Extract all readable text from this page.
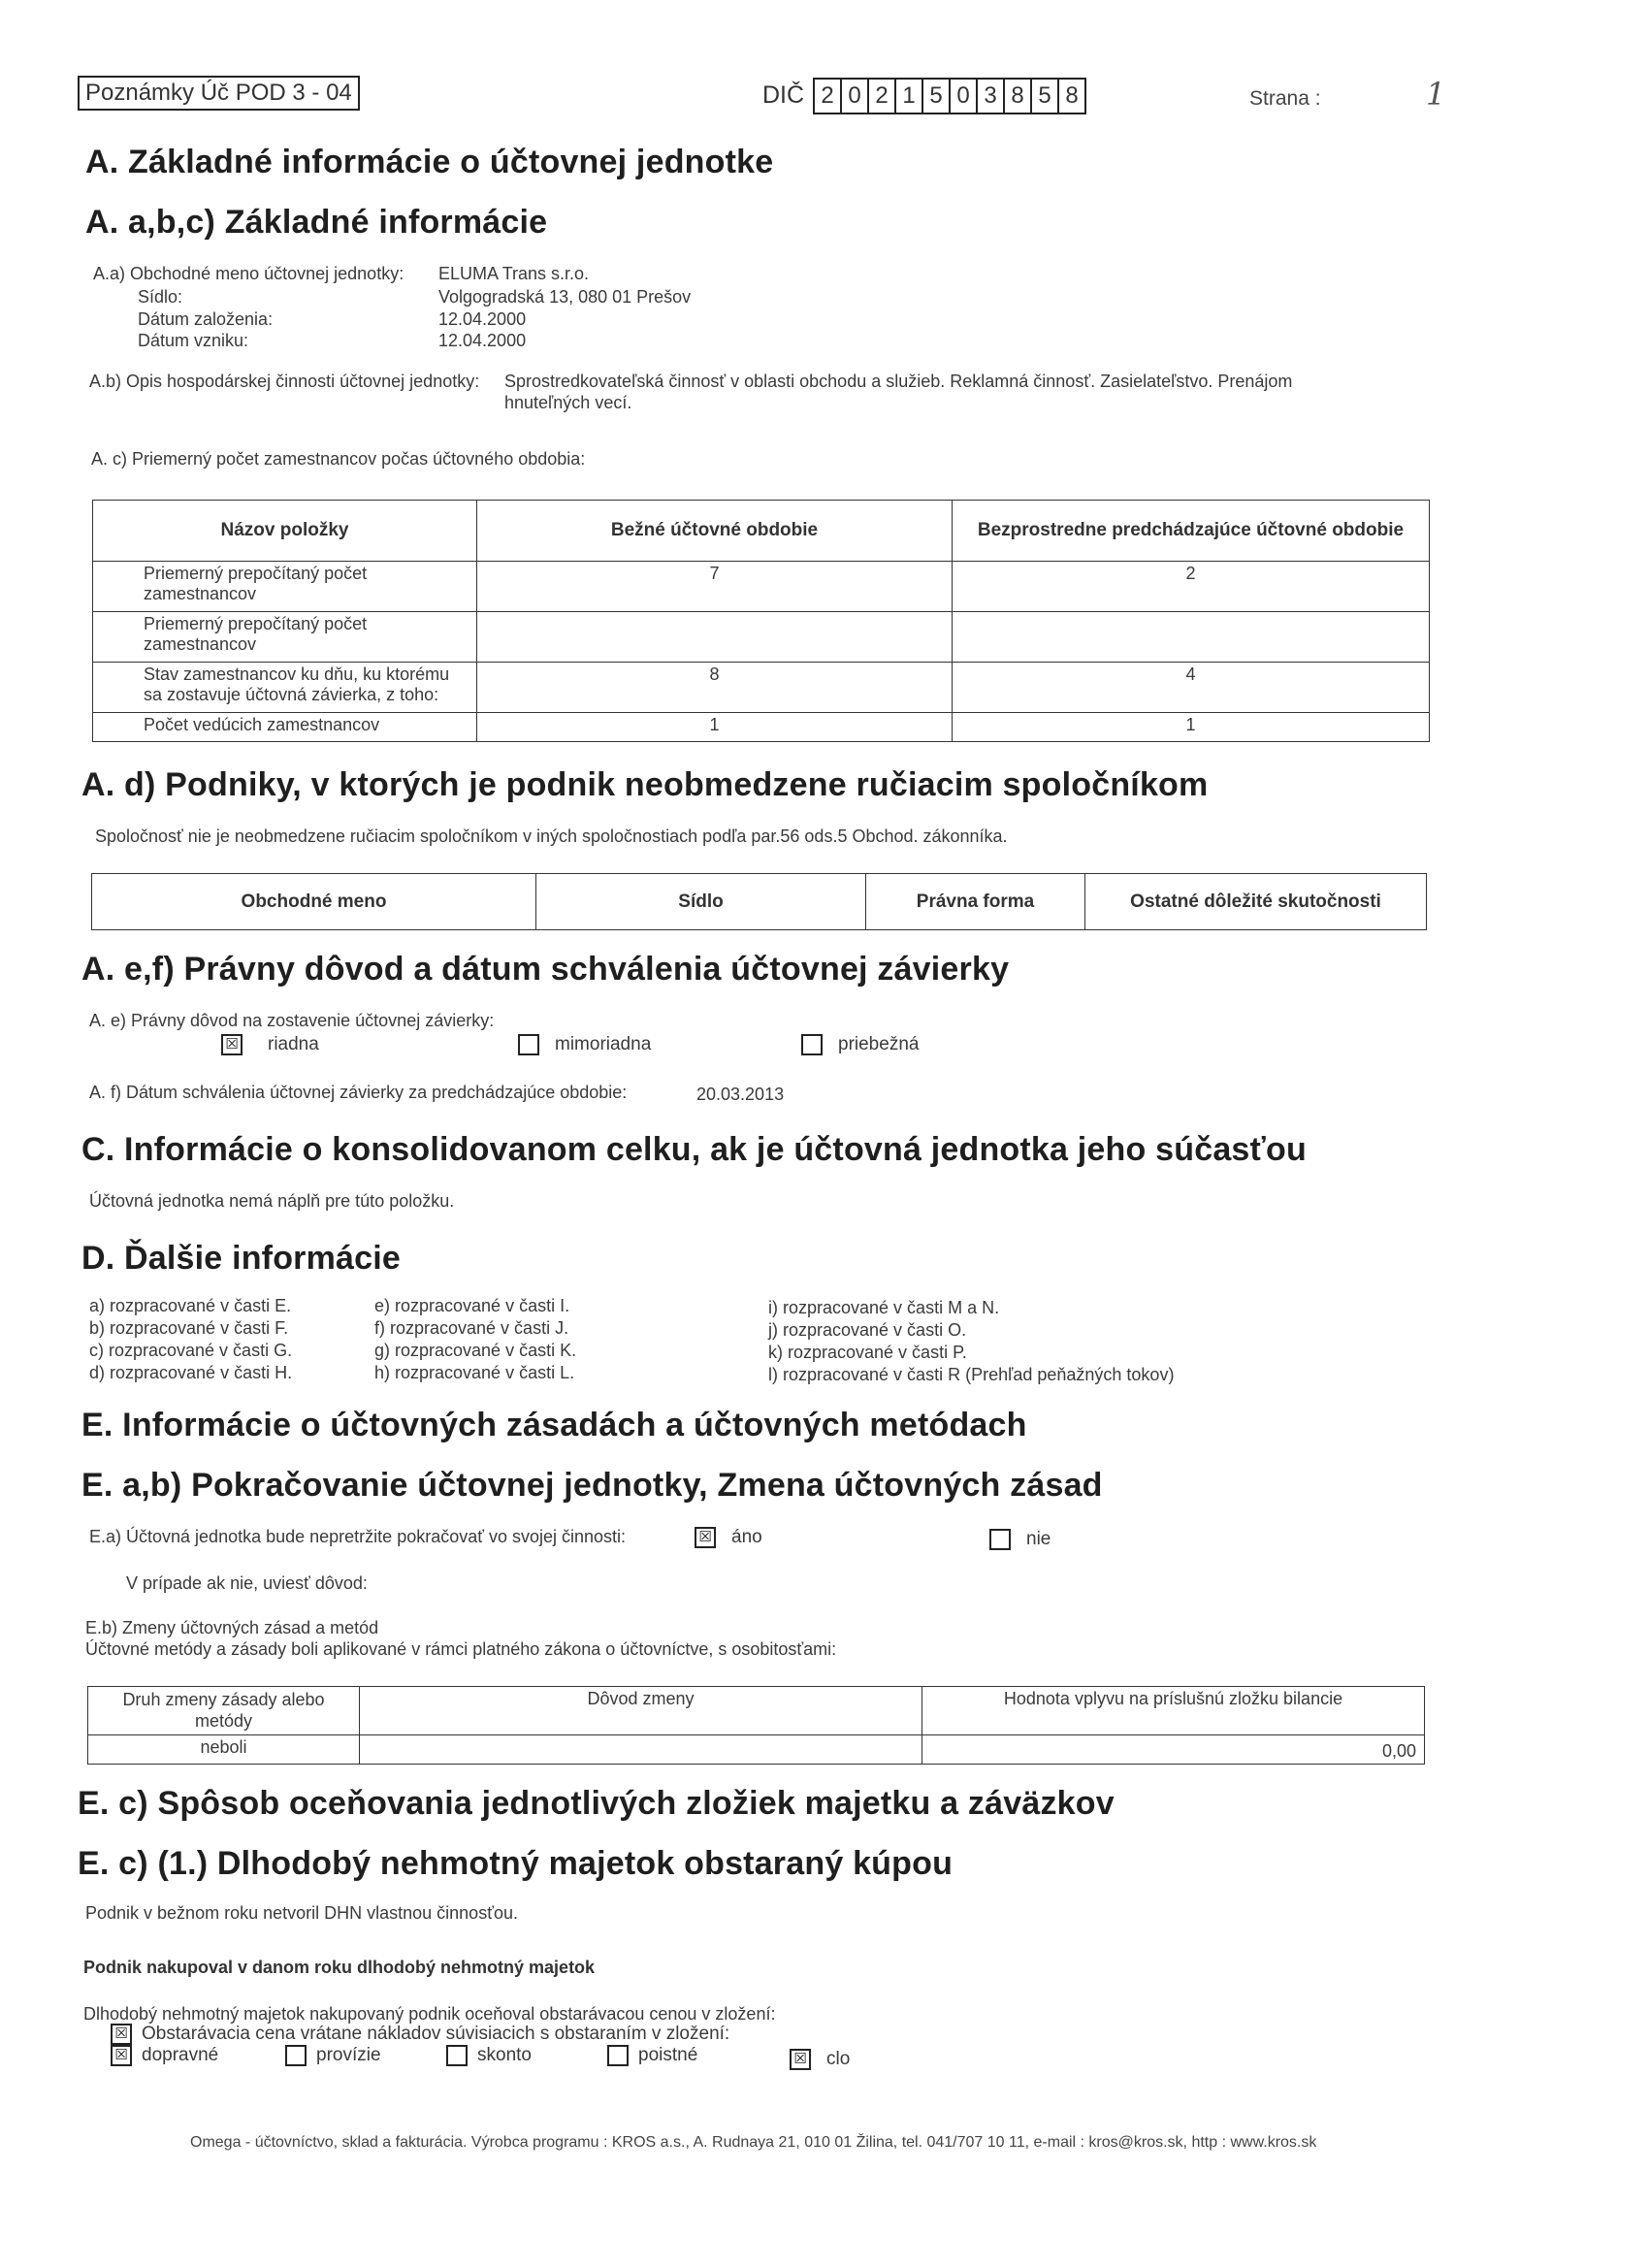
Poznámky Úč POD 3 - 04	DIČ 2 0 2 1 5 0 3 8 5 8	Strana :	1
A. Základné informácie o účtovnej jednotke
A. a,b,c) Základné informácie
A.a) Obchodné meno účtovnej jednotky: ELUMA Trans s.r.o.
Sídlo:	Volgogradská 13, 080 01 Prešov
Dátum založenia:	12.04.2000
Dátum vzniku:	12.04.2000
A.b) Opis hospodárskej činnosti účtovnej jednotky: Sprostredkovateľská činnosť v oblasti obchodu a služieb. Reklamná činnosť. Zasielateľstvo. Prenájom
hnuteľných vecí.
A. c) Priemerný počet zamestnancov počas účtovného obdobia:
Názov položky	Bežné účtovné obdobie	Bezprostredne predchádzajúce účtovné obdobie
Priemerný prepočítaný počet zamestnancov	7	2
Priemerný prepočítaný počet zamestnancov		
Stav zamestnancov ku dňu, ku ktorému sa zostavuje účtovná závierka, z toho:	8	4
Počet vedúcich zamestnancov	1	1
A. d) Podniky, v ktorých je podnik neobmedzene ručiacim spoločníkom
Spoločnosť nie je neobmedzene ručiacim spoločníkom v iných spoločnostiach podľa par.56 ods.5 Obchod. zákonníka.
Obchodné meno	Sídlo	Právna forma	Ostatné dôležité skutočnosti
A. e,f) Právny dôvod a dátum schválenia účtovnej závierky
A. e) Právny dôvod na zostavenie účtovnej závierky:
☒ riadna	mimoriadna	priebežná
A. f) Dátum schválenia účtovnej závierky za predchádzajúce obdobie:	20.03.2013
C. Informácie o konsolidovanom celku, ak je účtovná jednotka jeho súčasťou
Účtovná jednotka nemá náplň pre túto položku.
D. Ďalšie informácie
a) rozpracované v časti E.
b) rozpracované v časti F.
c) rozpracované v časti G.
d) rozpracované v časti H.
e) rozpracované v časti I.
f) rozpracované v časti J.
g) rozpracované v časti K.
h) rozpracované v časti L.
i) rozpracované v časti M a N.
j) rozpracované v časti O.
k) rozpracované v časti P.
l) rozpracované v časti R (Prehľad peňažných tokov)
E. Informácie o účtovných zásadách a účtovných metódach
E. a,b) Pokračovanie účtovnej jednotky, Zmena účtovných zásad
E.a) Účtovná jednotka bude nepretržite pokračovať vo svojej činnosti:	☒ áno	nie
V prípade ak nie, uviesť dôvod:
E.b) Zmeny účtovných zásad a metód
Účtovné metódy a zásady boli aplikované v rámci platného zákona o účtovníctve, s osobitosťami:
Druh zmeny zásady alebo metódy	Dôvod zmeny	Hodnota vplyvu na príslušnú zložku bilancie
neboli		0,00
E. c) Spôsob oceňovania jednotlivých zložiek majetku a záväzkov
E. c) (1.) Dlhodobý nehmotný majetok obstaraný kúpou
Podnik v bežnom roku netvoril DHN vlastnou činnosťou.
Podnik nakupoval v danom roku dlhodobý nehmotný majetok
Dlhodobý nehmotný majetok nakupovaný podnik oceňoval obstarávacou cenou v zložení:
☒ Obstarávacia cena vrátane nákladov súvisiacich s obstaraním v zložení:
☒ dopravné	provízie	skonto	poistné	☒ clo
Omega - účtovníctvo, sklad a fakturácia. Výrobca programu : KROS a.s., A. Rudnaya 21, 010 01 Žilina, tel. 041/707 10 11, e-mail : kros@kros.sk, http : www.kros.sk
